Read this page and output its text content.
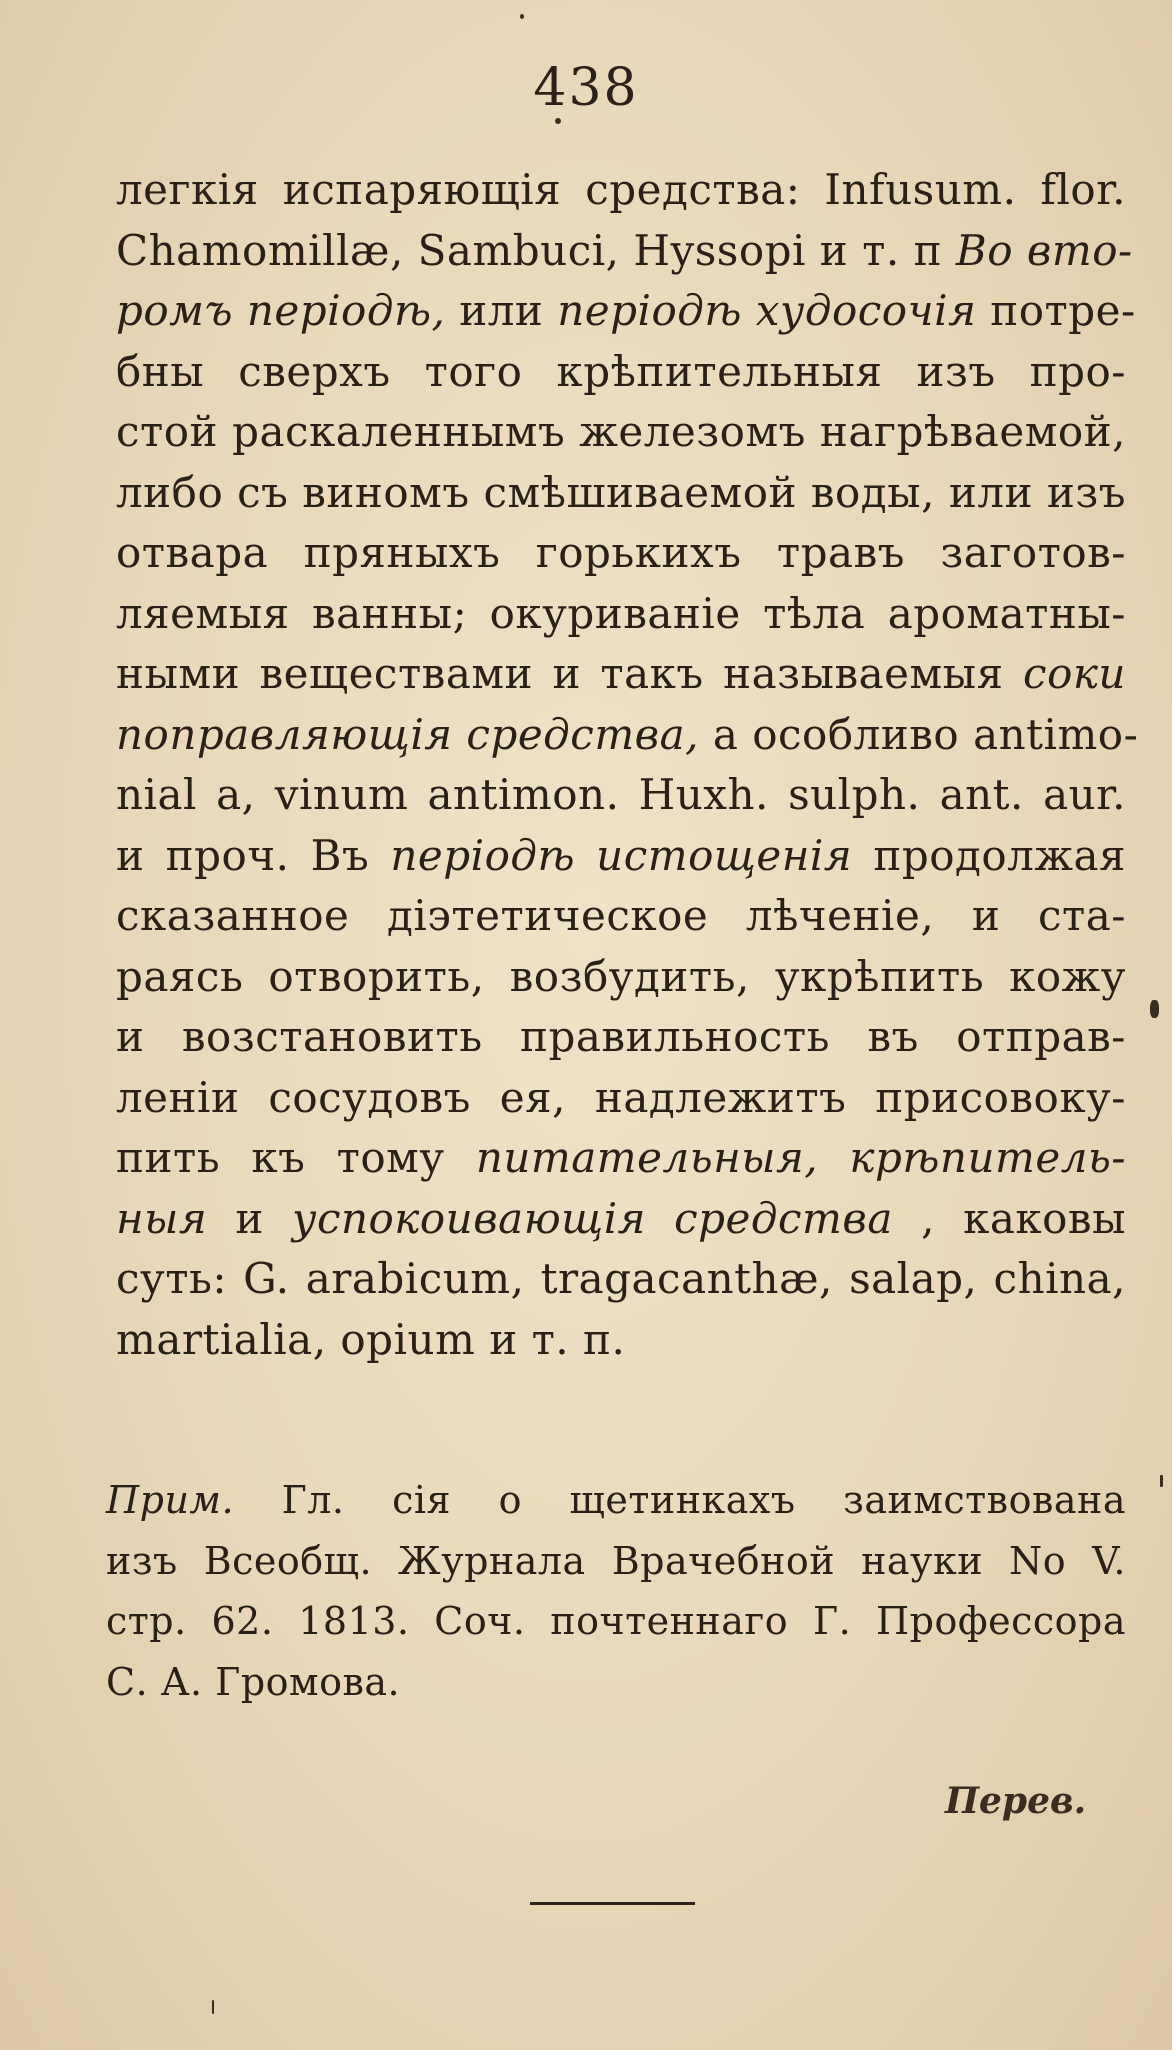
438
легкія испаряющія средства: Infusum. flor.
Chamomillæ, Sambuci, Hyssopi и т. п Во вто-
ромъ періодѣ, или періодѣ худосочія потре-
бны сверхъ того крѣпительныя изъ про-
стой раскаленнымъ железомъ нагрѣваемой,
либо съ виномъ смѣшиваемой воды, или изъ
отвара пряныхъ горькихъ травъ заготов-
ляемыя ванны; окуриваніе тѣла ароматны-
ными веществами и такъ называемыя соки
поправляющія средства, а особливо antimo-
nial a, vinum antimon. Huxh. sulph. ant. aur.
и проч. Въ періодѣ истощенія продолжая
сказанное діэтетическое лѣченіе, и ста-
раясь отворить, возбудить, укрѣпить кожу
и возстановить правильность въ отправ-
леніи сосудовъ ея, надлежитъ присовоку-
пить къ тому питательныя, крѣпитель-
ныя и успокоивающія средства , каковы
суть: G. arabicum, tragacanthæ, salap, china,
martialia, opium и т. п.
Прим. Гл. сія о щетинкахъ заимствована
изъ Всеобщ. Журнала Врачебной науки No V.
стр. 62. 1813. Соч. почтеннаго Г. Профессора
С. А. Громова.
Перев.
